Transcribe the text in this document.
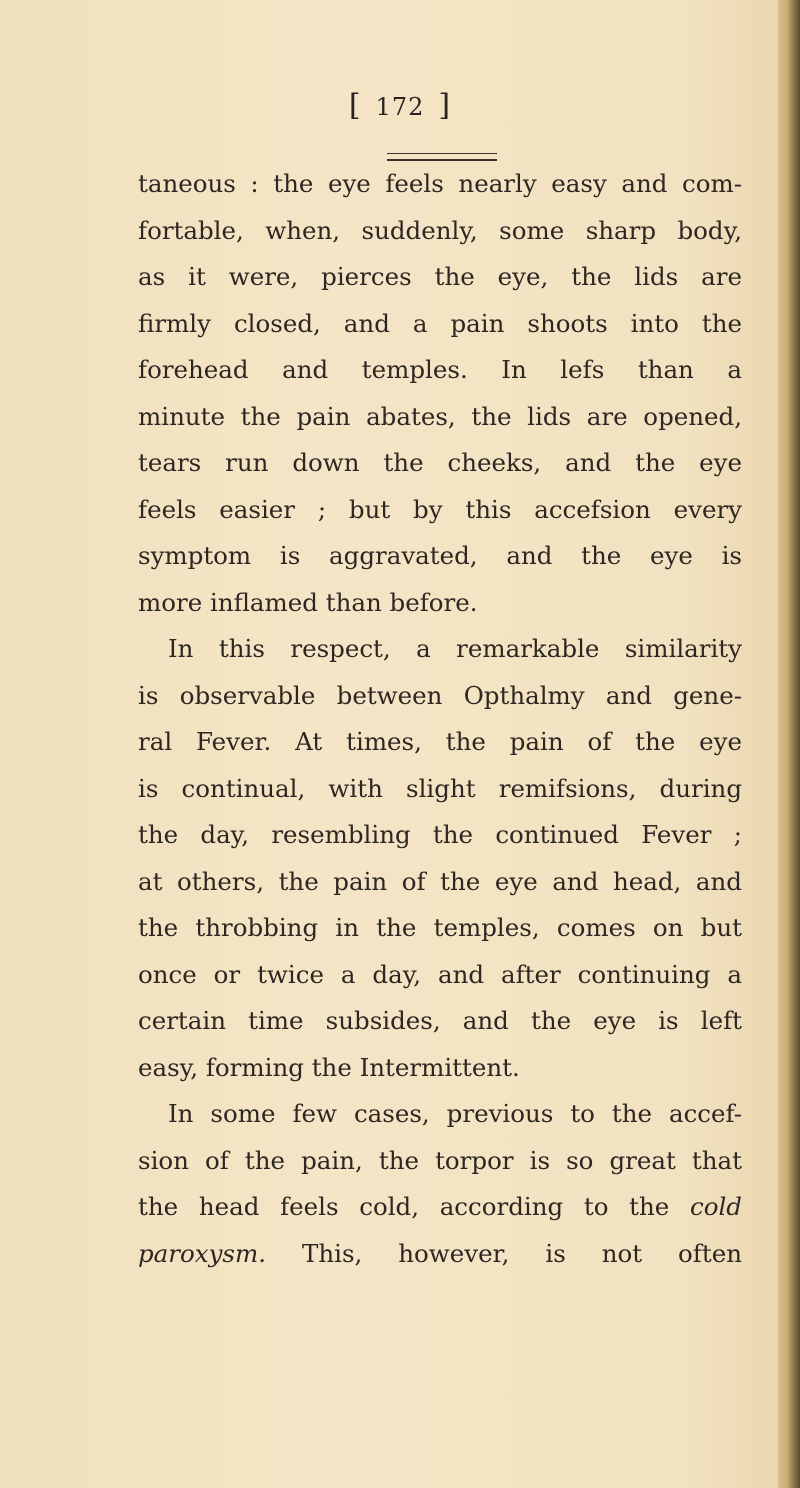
[ 172 ]
taneous : the eye feels nearly easy and com-
fortable, when, suddenly, some sharp body,
as it were, pierces the eye, the lids are
firmly closed, and a pain shoots into the
forehead and temples. In lefs than a
minute the pain abates, the lids are opened,
tears run down the cheeks, and the eye
feels easier ; but by this accefsion every
symptom is aggravated, and the eye is
more inflamed than before.
In this respect, a remarkable similarity
is observable between Opthalmy and gene-
ral Fever. At times, the pain of the eye
is continual, with slight remifsions, during
the day, resembling the continued Fever ;
at others, the pain of the eye and head, and
the throbbing in the temples, comes on but
once or twice a day, and after continuing a
certain time subsides, and the eye is left
easy, forming the Intermittent.
In some few cases, previous to the accef-
sion of the pain, the torpor is so great that
the head feels cold, according to the cold
paroxysm. This, however, is not often
